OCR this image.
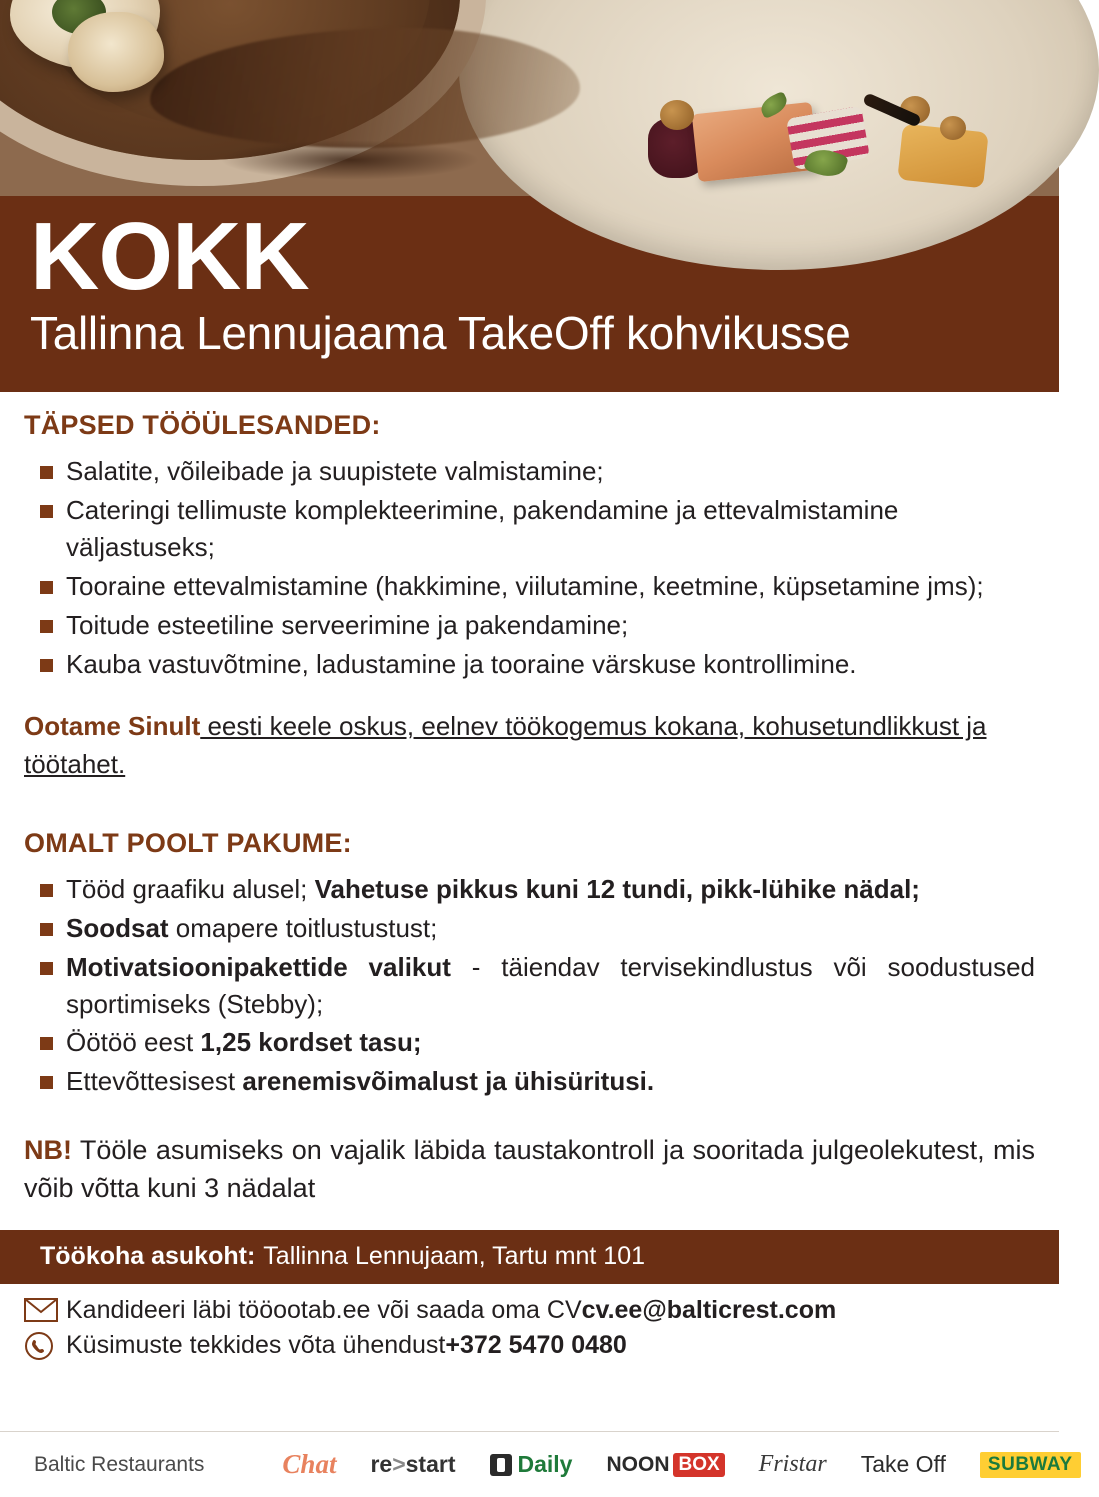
KOKK
Tallinna Lennujaama TakeOff kohvikusse
TÄPSED TÖÖÜLESANDED:
Salatite, võileibade ja suupistete valmistamine;
Cateringi tellimuste komplekteerimine, pakendamine ja ettevalmistamine väljastuseks;
Tooraine ettevalmistamine (hakkimine, viilutamine, keetmine, küpsetamine jms);
Toitude esteetiline serveerimine ja pakendamine;
Kauba vastuvõtmine, ladustamine ja tooraine värskuse kontrollimine.
Ootame Sinult eesti keele oskus, eelnev töökogemus kokana, kohusetundlikkust ja töötahet.
OMALT POOLT PAKUME:
Tööd graafiku alusel; Vahetuse pikkus kuni 12 tundi, pikk-lühike nädal;
Soodsat omapere toitlustustust;
Motivatsioonipakettide valikut - täiendav tervisekindlustus või soodustused sportimiseks (Stebby);
Öötöö eest 1,25 kordset tasu;
Ettevõttesisest arenemisvõimalust ja ühisüritusi.
NB! Tööle asumiseks on vajalik läbida taustakontroll ja sooritada julgeolekutest, mis võib võtta kuni 3 nädalat
Töökoha asukoht: Tallinna Lennujaam, Tartu mnt 101
Kandideeri läbi tööootab.ee või saada oma CV cv.ee@balticrest.com
Küsimuste tekkides võta ühendust +372 5470 0480
Baltic Restaurants	Chat re>start	Daily NOON BOX Fristar Take Off	SUBWAY
